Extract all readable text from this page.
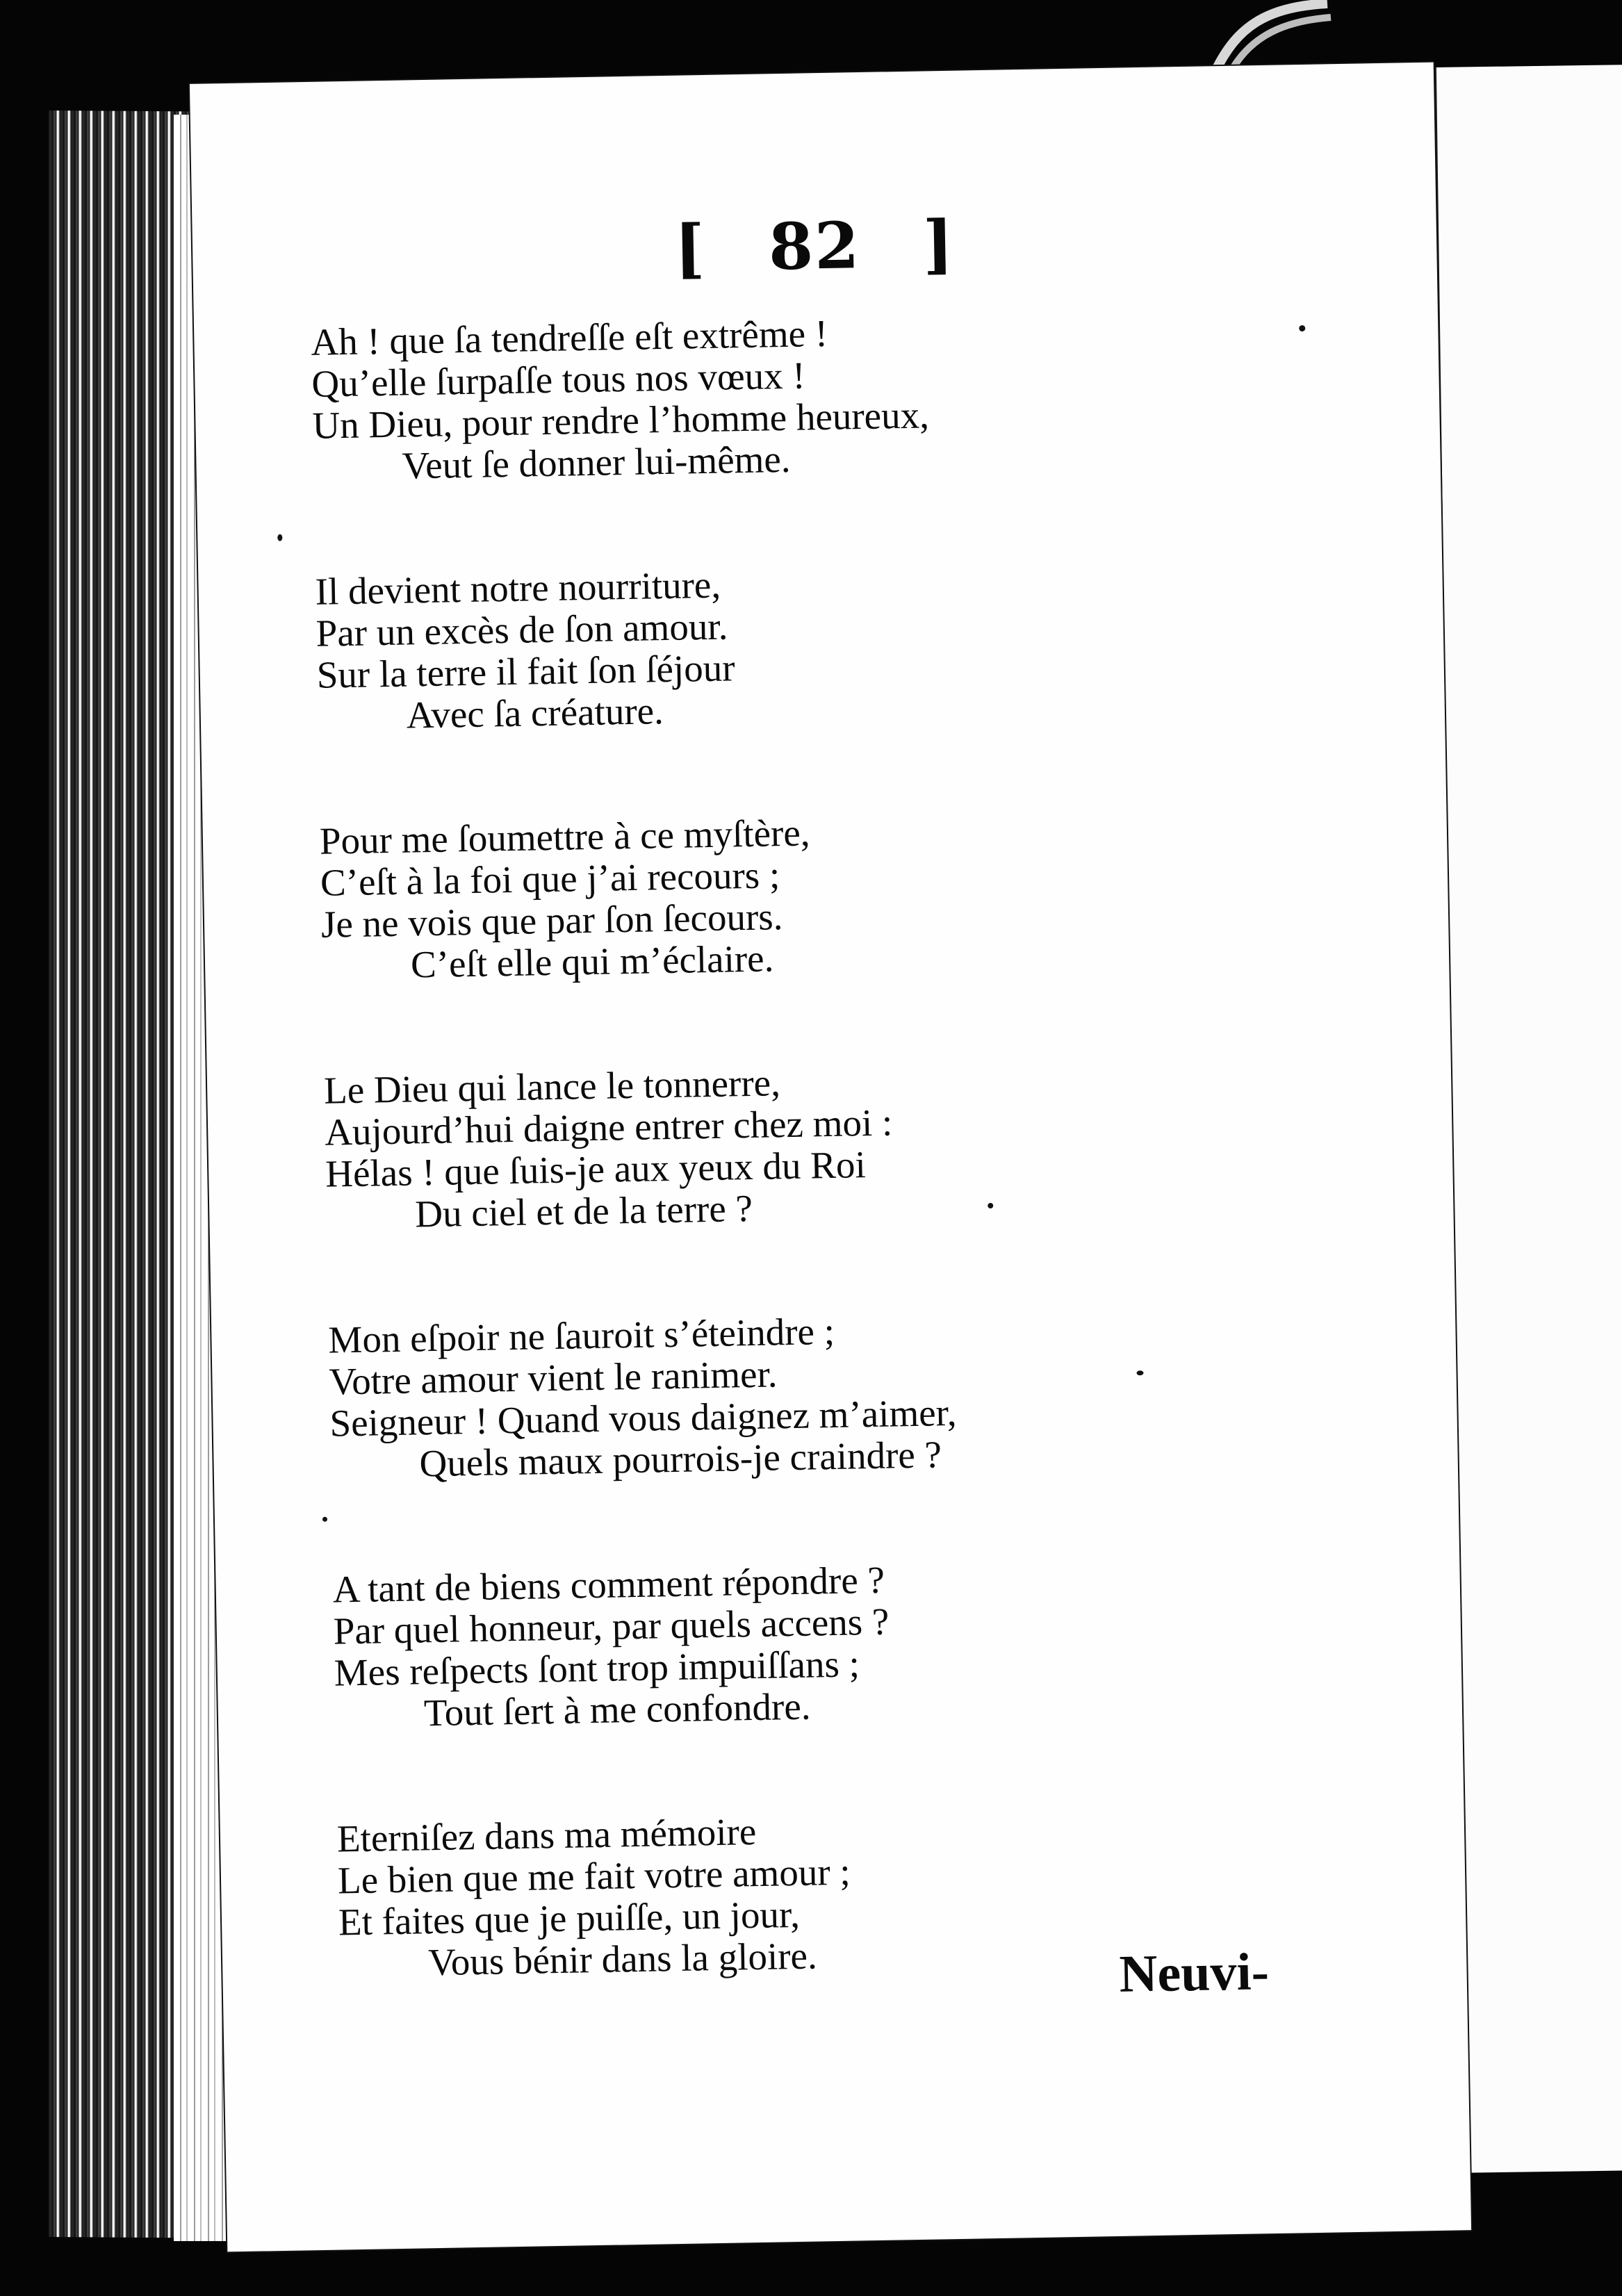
[ 82 ]
Ah ! que ſa tendreſſe eſt extrême !
Qu’elle ſurpaſſe tous nos vœux !
Un Dieu, pour rendre l’homme heureux,
Veut ſe donner lui-même.
Il devient notre nourriture,
Par un excès de ſon amour.
Sur la terre il fait ſon ſéjour
Avec ſa créature.
Pour me ſoumettre à ce myſtère,
C’eſt à la foi que j’ai recours ;
Je ne vois que par ſon ſecours.
C’eſt elle qui m’éclaire.
Le Dieu qui lance le tonnerre,
Aujourd’hui daigne entrer chez moi :
Hélas ! que ſuis-je aux yeux du Roi
Du ciel et de la terre ?
Mon eſpoir ne ſauroit s’éteindre ;
Votre amour vient le ranimer.
Seigneur ! Quand vous daignez m’aimer,
Quels maux pourrois-je craindre ?
A tant de biens comment répondre ?
Par quel honneur, par quels accens ?
Mes reſpects ſont trop impuiſſans ;
Tout ſert à me confondre.
Eterniſez dans ma mémoire
Le bien que me fait votre amour ;
Et faites que je puiſſe, un jour,
Vous bénir dans la gloire.	Neuvi-
